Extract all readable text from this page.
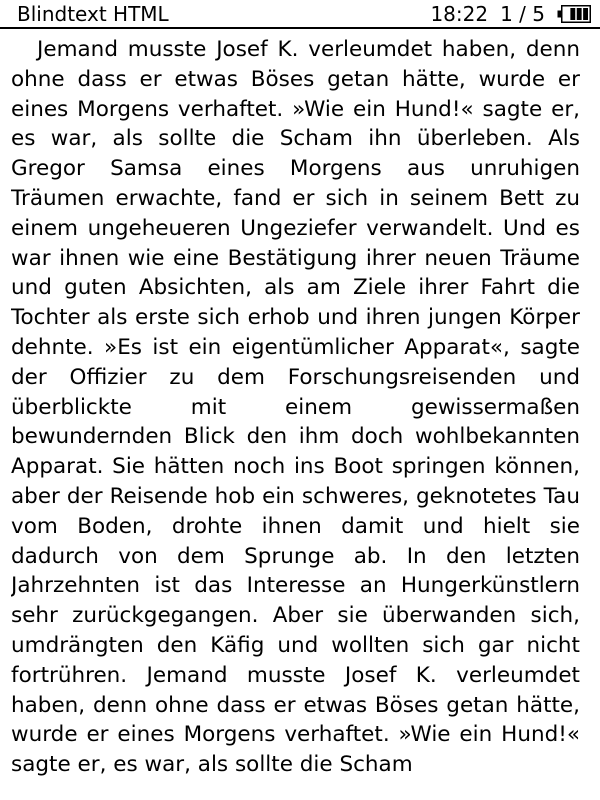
Blindtext HTML	18:22 1 / 5

Jemand musste Josef K. verleumdet haben, denn ohne dass er etwas Böses getan hätte, wurde er eines Morgens verhaftet. »Wie ein Hund!« sagte er, es war, als sollte die Scham ihn überleben. Als Gregor Samsa eines Morgens aus unruhigen Träumen erwachte, fand er sich in seinem Bett zu einem ungeheueren Ungeziefer verwandelt. Und es war ihnen wie eine Bestätigung ihrer neuen Träume und guten Absichten, als am Ziele ihrer Fahrt die Tochter als erste sich erhob und ihren jungen Körper dehnte. »Es ist ein eigentümlicher Apparat«, sagte der Offizier zu dem Forschungsreisenden und überblickte mit einem gewissermaßen bewundernden Blick den ihm doch wohlbekannten Apparat. Sie hätten noch ins Boot springen können, aber der Reisende hob ein schweres, geknotetes Tau vom Boden, drohte ihnen damit und hielt sie dadurch von dem Sprunge ab. In den letzten Jahrzehnten ist das Interesse an Hungerkünstlern sehr zurückgegangen. Aber sie überwanden sich, umdrängten den Käfig und wollten sich gar nicht fortrühren. Jemand musste Josef K. verleumdet haben, denn ohne dass er etwas Böses getan hätte, wurde er eines Morgens verhaftet. »Wie ein Hund!« sagte er, es war, als sollte die Scham
